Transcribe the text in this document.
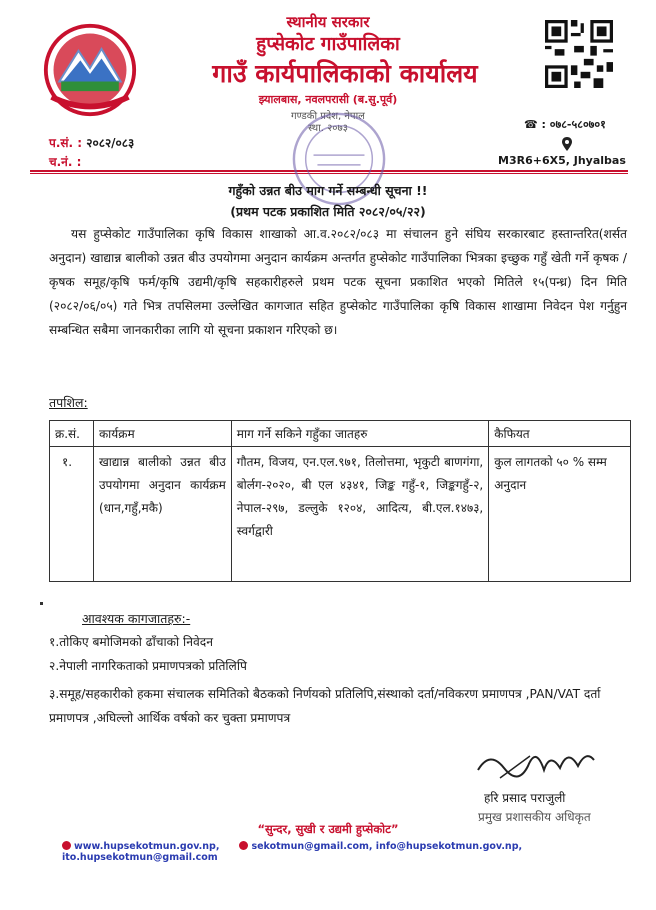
स्थानीय सरकार
हुप्सेकोट गाउँपालिका
गाउँ कार्यपालिकाको कार्यालय
झ्यालबास, नवलपरासी (ब.सु.पूर्व)
गण्डकी प्रदेश, नेपाल
स्था. २०७३	☎ : ०७८-५८०७०१
M3R6+6X5, Jhyalbas
प.सं. : २०८२/०८३
च.नं. :
गहुँको उन्नत बीउ माग गर्ने सम्बन्धी सूचना !!
(प्रथम पटक प्रकाशित मिति २०८२/०५/२२)
यस हुप्सेकोट गाउँपालिका कृषि विकास शाखाको आ.व.२०८२/०८३ मा संचालन हुने संघिय सरकारबाट हस्तान्तरित(शर्सत अनुदान) खाद्यान्न बालीको उन्नत बीउ उपयोगमा अनुदान कार्यक्रम अन्तर्गत हुप्सेकोट गाउँपालिका भित्रका इच्छुक गहुँ खेती गर्ने कृषक /कृषक समूह/कृषि फर्म/कृषि उद्यमी/कृषि सहकारीहरुले प्रथम पटक सूचना प्रकाशित भएको मितिले १५(पन्ध्र) दिन मिति (२०८२/०६/०५) गते भित्र तपसिलमा उल्लेखित कागजात सहित हुप्सेकोट गाउँपालिका कृषि विकास शाखामा निवेदन पेश गर्नुहुन सम्बन्धित सबैमा जानकारीका लागि यो सूचना प्रकाशन गरिएको छ।
तपशिल:
क्र.सं.	कार्यक्रम	माग गर्ने सकिने गहुँका जातहरु	कैफियत
१.	खाद्यान्न बालीको उन्नत बीउ उपयोगमा अनुदान कार्यक्रम (धान,गहुँ,मकै)	गौतम, विजय, एन.एल.९७१, तिलोत्तमा, भृकुटी बाणगंगा, बोर्लग-२०२०, बी एल ४३४१, जिङ्क गहुँ-१, जिङ्कगहुँ-२, नेपाल-२९७, डल्लुके १२०४, आदित्य, बी.एल.१४७३, स्वर्गद्वारी	कुल लागतको ५० % सम्म अनुदान
आवश्यक कागजातहरु:-
१.तोकिए बमोजिमको ढाँचाको निवेदन
२.नेपाली नागरिकताको प्रमाणपत्रको प्रतिलिपि
३.समूह/सहकारीको हकमा संचालक समितिको बैठकको निर्णयको प्रतिलिपि,संस्थाको दर्ता/नविकरण प्रमाणपत्र ,PAN/VAT दर्ता प्रमाणपत्र ,अघिल्लो आर्थिक वर्षको कर चुक्ता प्रमाणपत्र
हरि प्रसाद पराजुली
प्रमुख प्रशासकीय अधिकृत
“सुन्दर, सुखी र उद्यमी हुप्सेकोट”
www.hupsekotmun.gov.np,	sekotmun@gmail.com, info@hupsekotmun.gov.np, ito.hupsekotmun@gmail.com
